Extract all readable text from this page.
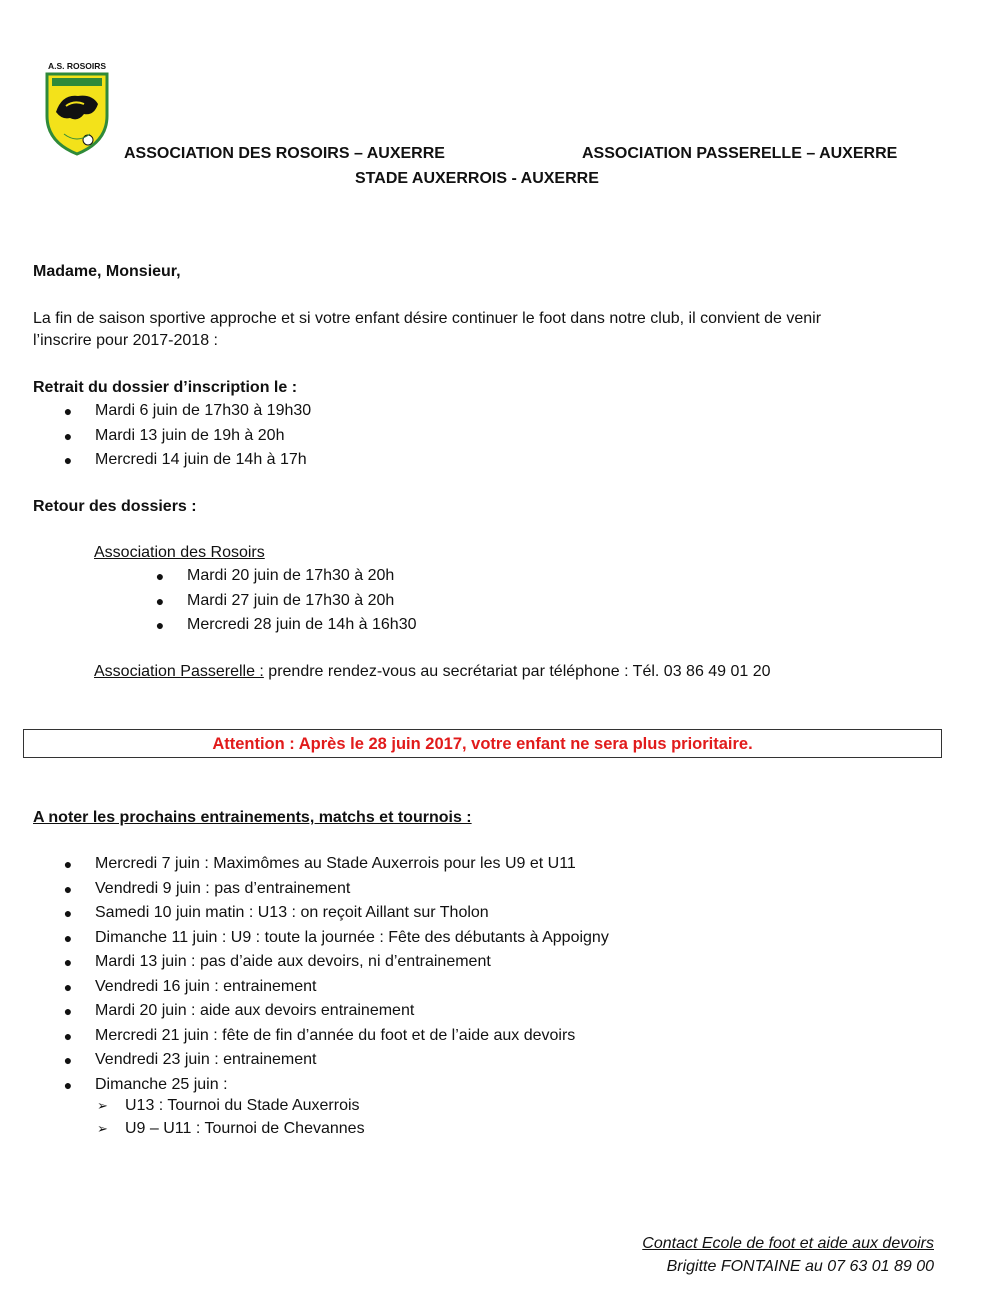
A.S. ROSOIRS
ASSOCIATION DES ROSOIRS – AUXERRE	ASSOCIATION PASSERELLE – AUXERRE
STADE AUXERROIS - AUXERRE
Madame, Monsieur,
La fin de saison sportive approche et si votre enfant désire continuer le foot dans notre club, il convient de venir
l’inscrire pour 2017-2018 :
Retrait du dossier d’inscription le :
● Mardi 6 juin de 17h30 à 19h30
● Mardi 13 juin de 19h à 20h
● Mercredi 14 juin de 14h à 17h
Retour des dossiers :
Association des Rosoirs
● Mardi 20 juin de 17h30 à 20h
● Mardi 27 juin de 17h30 à 20h
● Mercredi 28 juin de 14h à 16h30
Association Passerelle : prendre rendez-vous au secrétariat par téléphone : Tél. 03 86 49 01 20
Attention : Après le 28 juin 2017, votre enfant ne sera plus prioritaire.
A noter les prochains entrainements, matchs et tournois :
● Mercredi 7 juin : Maximômes au Stade Auxerrois pour les U9 et U11
● Vendredi 9 juin : pas d’entrainement
● Samedi 10 juin matin : U13 : on reçoit Aillant sur Tholon
● Dimanche 11 juin : U9 : toute la journée : Fête des débutants à Appoigny
● Mardi 13 juin : pas d’aide aux devoirs, ni d’entrainement
● Vendredi 16 juin : entrainement
● Mardi 20 juin : aide aux devoirs entrainement
● Mercredi 21 juin : fête de fin d’année du foot et de l’aide aux devoirs
● Vendredi 23 juin : entrainement
● Dimanche 25 juin :
➢ U13 : Tournoi du Stade Auxerrois
➢ U9 – U11 : Tournoi de Chevannes
Contact Ecole de foot et aide aux devoirs
Brigitte FONTAINE au 07 63 01 89 00
